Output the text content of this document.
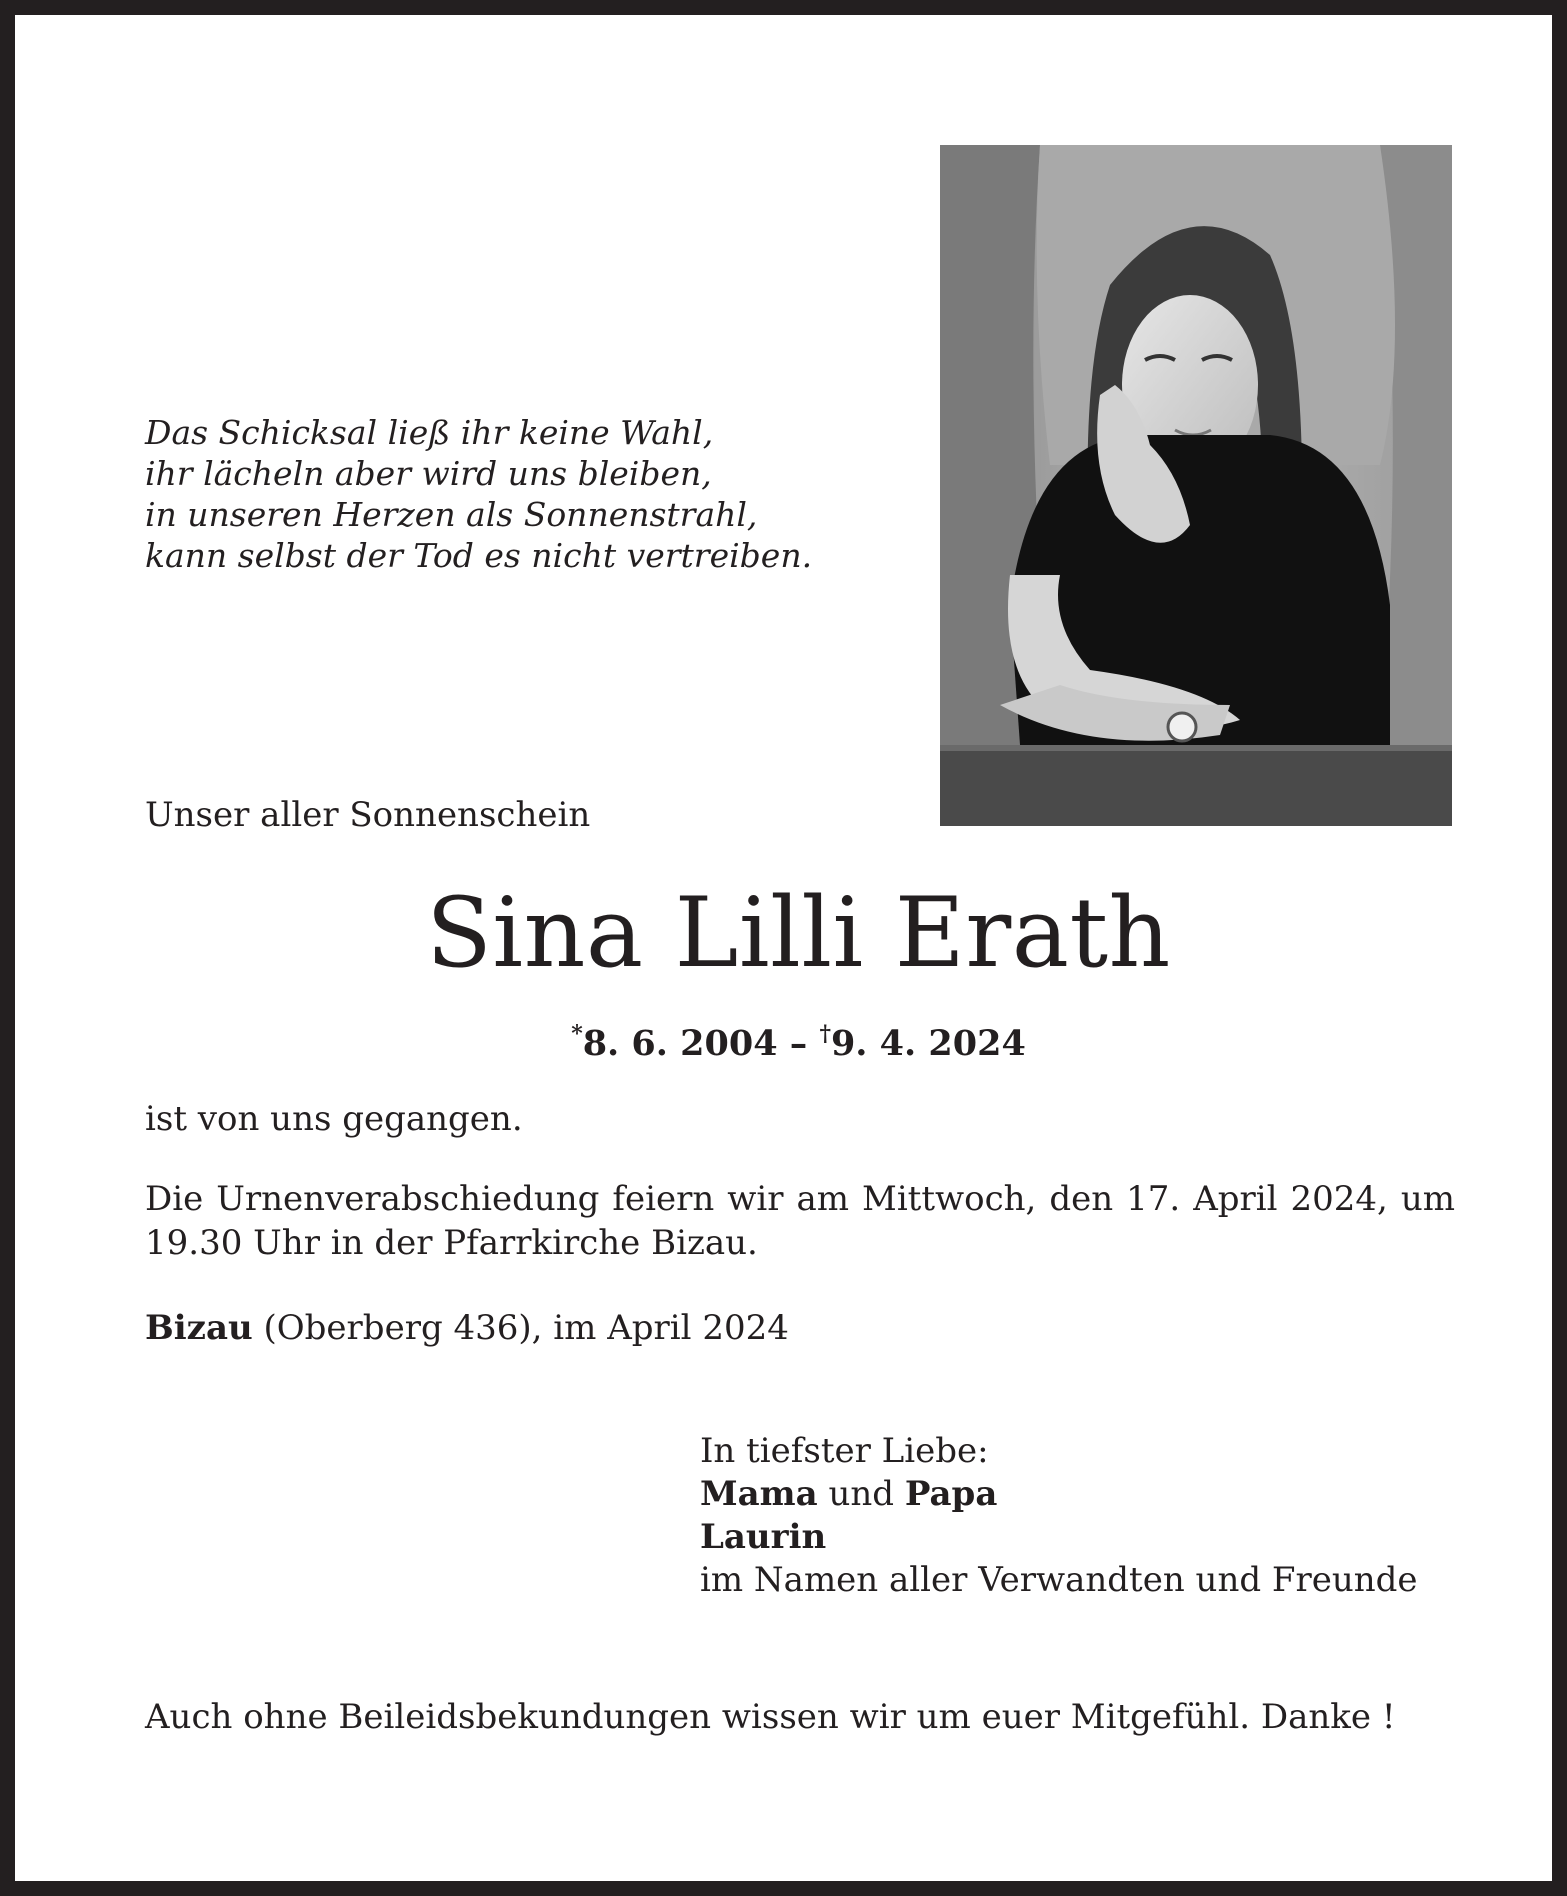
Das Schicksal ließ ihr keine Wahl,
ihr lächeln aber wird uns bleiben,
in unseren Herzen als Sonnenstrahl,
kann selbst der Tod es nicht vertreiben.
Unser aller Sonnenschein
Sina Lilli Erath
*8. 6. 2004 – †9. 4. 2024
ist von uns gegangen.
Die Urnenverabschiedung feiern wir am Mittwoch, den 17. April 2024, um 19.30 Uhr in der Pfarrkirche Bizau.
Bizau (Oberberg 436), im April 2024
In tiefster Liebe:
Mama und Papa
Laurin
im Namen aller Verwandten und Freunde
Auch ohne Beileidsbekundungen wissen wir um euer Mitgefühl. Danke !
